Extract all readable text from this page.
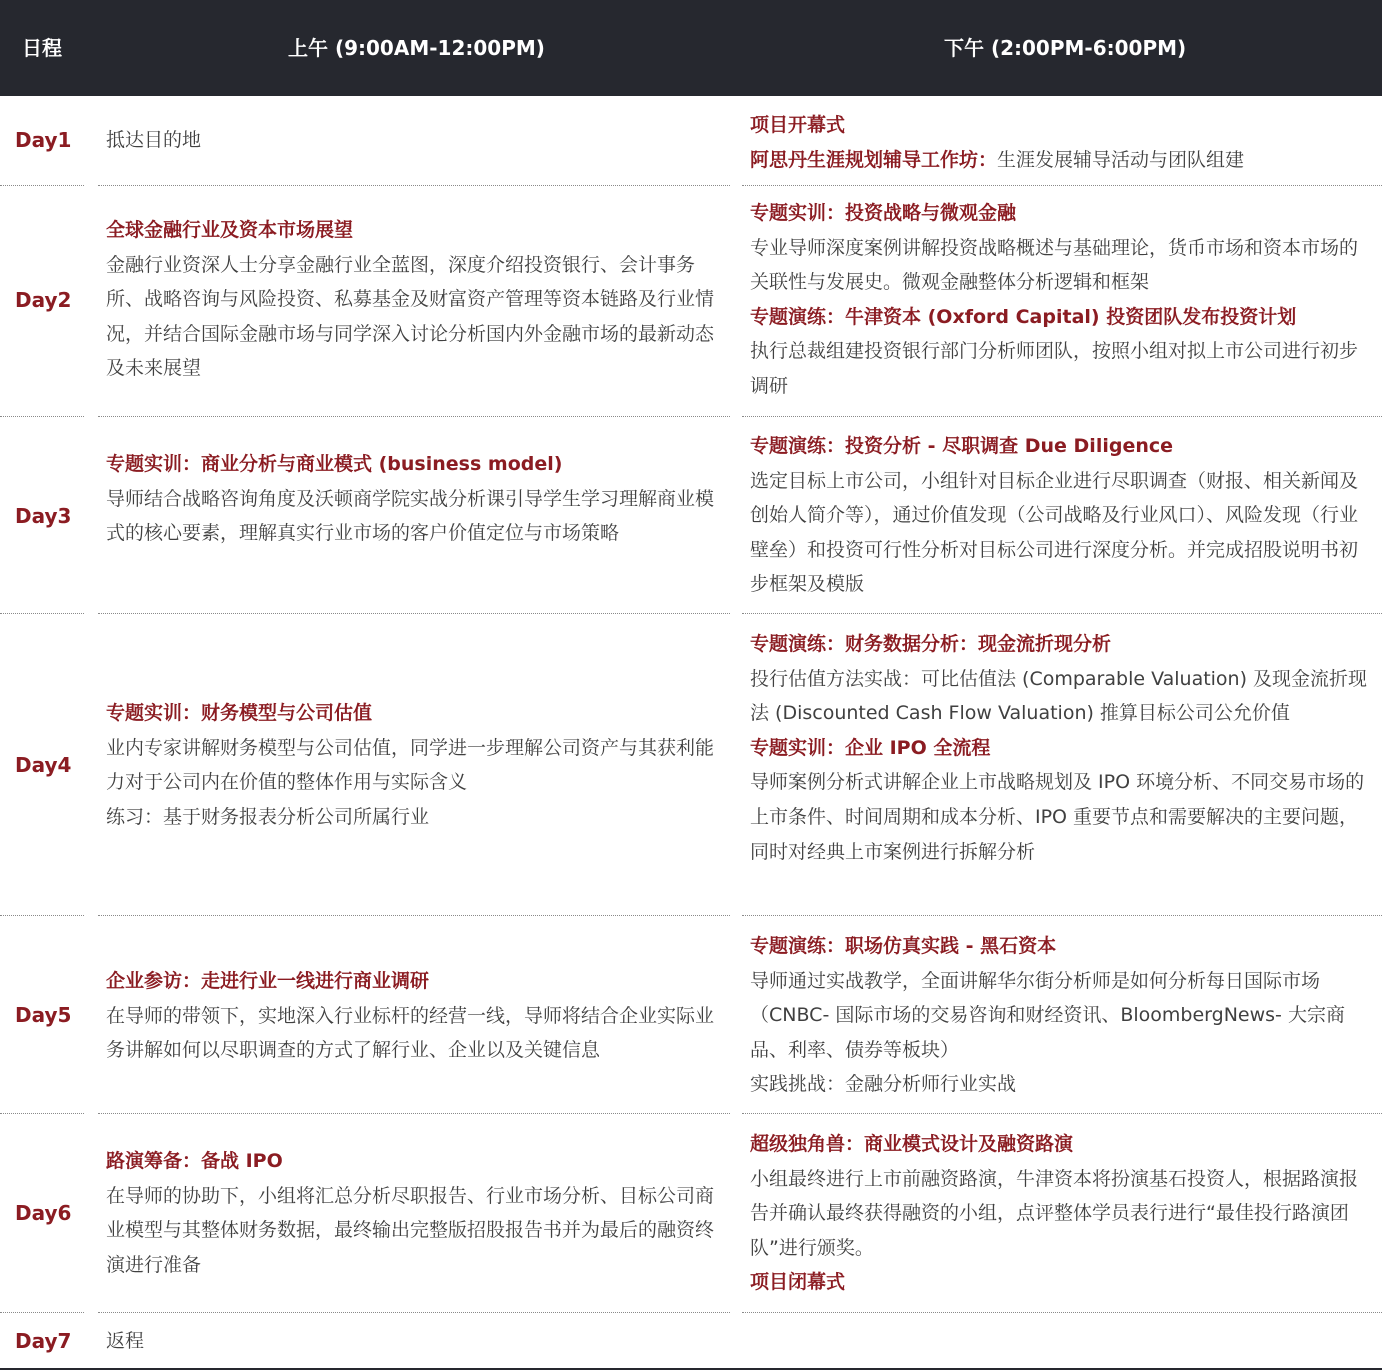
日程	上午 (9:00AM-12:00PM)	下午 (2:00PM-6:00PM)
Day1 抵达目的地
项目开幕式
阿思丹生涯规划辅导工作坊：生涯发展辅导活动与团队组建
Day2
全球金融行业及资本市场展望
金融行业资深人士分享金融行业全蓝图，深度介绍投资银行、会计事务所、战略咨询与风险投资、私募基金及财富资产管理等资本链路及行业情况，并结合国际金融市场与同学深入讨论分析国内外金融市场的最新动态及未来展望
专题实训：投资战略与微观金融
专业导师深度案例讲解投资战略概述与基础理论，货币市场和资本市场的关联性与发展史。微观金融整体分析逻辑和框架
专题演练：牛津资本 (Oxford Capital) 投资团队发布投资计划
执行总裁组建投资银行部门分析师团队，按照小组对拟上市公司进行初步调研
Day3
专题实训：商业分析与商业模式 (business model)
导师结合战略咨询角度及沃顿商学院实战分析课引导学生学习理解商业模式的核心要素，理解真实行业市场的客户价值定位与市场策略
专题演练：投资分析 - 尽职调查 Due Diligence
选定目标上市公司，小组针对目标企业进行尽职调查（财报、相关新闻及创始人简介等），通过价值发现（公司战略及行业风口）、风险发现（行业壁垒）和投资可行性分析对目标公司进行深度分析。并完成招股说明书初步框架及模版
Day4
专题实训：财务模型与公司估值
业内专家讲解财务模型与公司估值，同学进一步理解公司资产与其获利能力对于公司内在价值的整体作用与实际含义
练习：基于财务报表分析公司所属行业
专题演练：财务数据分析：现金流折现分析
投行估值方法实战：可比估值法 (Comparable Valuation) 及现金流折现法 (Discounted Cash Flow Valuation) 推算目标公司公允价值
专题实训：企业 IPO 全流程
导师案例分析式讲解企业上市战略规划及 IPO 环境分析、不同交易市场的上市条件、时间周期和成本分析、IPO 重要节点和需要解决的主要问题，同时对经典上市案例进行拆解分析
Day5
企业参访：走进行业一线进行商业调研
在导师的带领下，实地深入行业标杆的经营一线，导师将结合企业实际业务讲解如何以尽职调查的方式了解行业、企业以及关键信息
专题演练：职场仿真实践 - 黑石资本
导师通过实战教学，全面讲解华尔街分析师是如何分析每日国际市场（CNBC- 国际市场的交易咨询和财经资讯、BloombergNews- 大宗商品、利率、债券等板块）
实践挑战：金融分析师行业实战
Day6
路演筹备：备战 IPO
在导师的协助下，小组将汇总分析尽职报告、行业市场分析、目标公司商业模型与其整体财务数据，最终输出完整版招股报告书并为最后的融资终演进行准备
超级独角兽：商业模式设计及融资路演
小组最终进行上市前融资路演，牛津资本将扮演基石投资人，根据路演报告并确认最终获得融资的小组，点评整体学员表行进行“最佳投行路演团队”进行颁奖。
项目闭幕式
Day7 返程
